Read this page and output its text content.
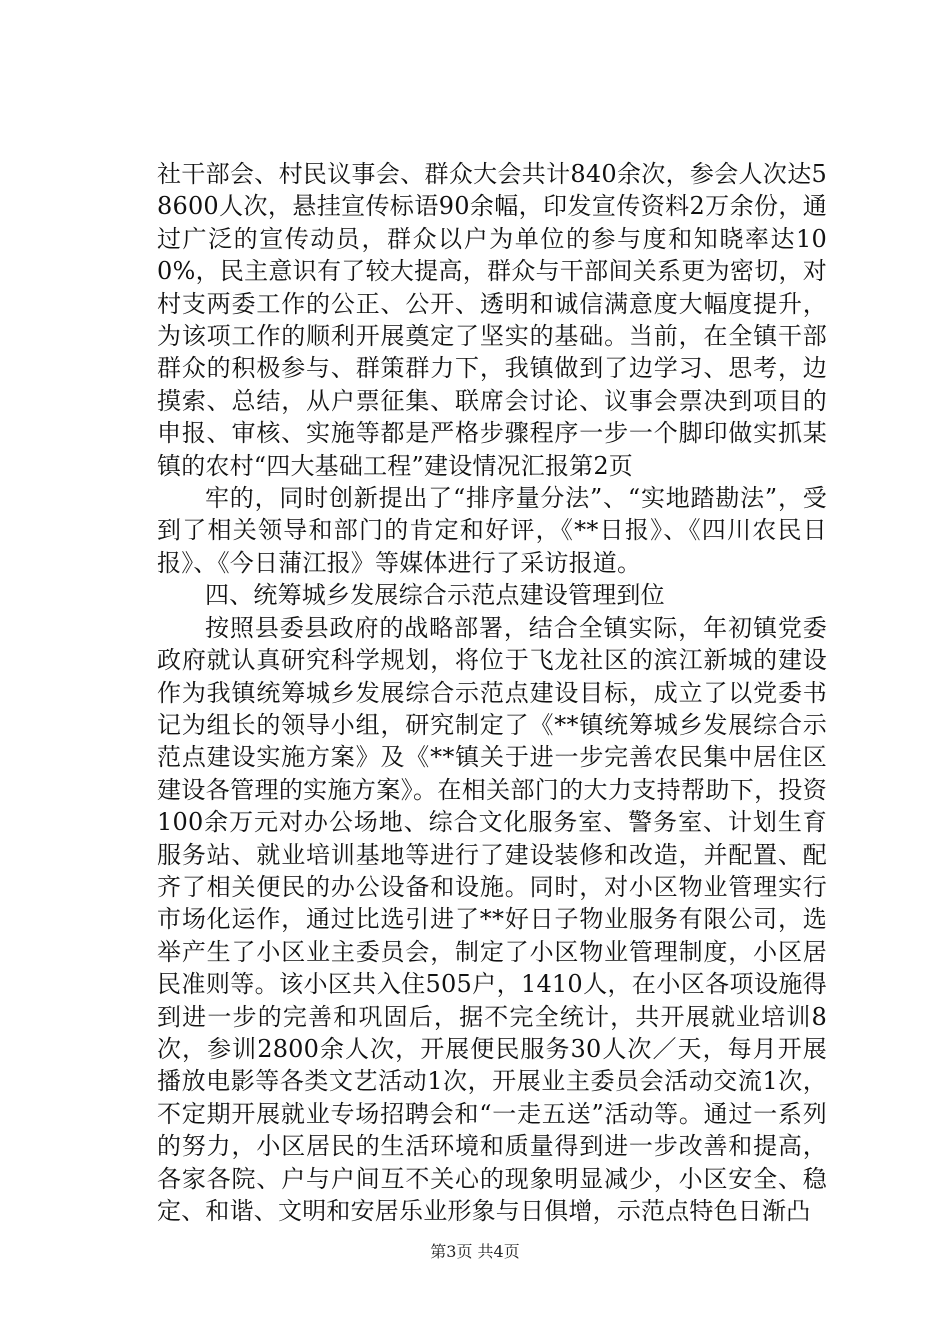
社干部会、村民议事会、群众大会共计840余次，参会人次达58600人次，悬挂宣传标语90余幅，印发宣传资料2万余份，通过广泛的宣传动员，群众以户为单位的参与度和知晓率达100%，民主意识有了较大提高，群众与干部间关系更为密切，对村支两委工作的公正、公开、透明和诚信满意度大幅度提升，为该项工作的顺利开展奠定了坚实的基础。当前，在全镇干部群众的积极参与、群策群力下，我镇做到了边学习、思考，边摸索、总结，从户票征集、联席会讨论、议事会票决到项目的申报、审核、实施等都是严格步骤程序一步一个脚印做实抓某镇的农村“四大基础工程”建设情况汇报第2页

牢的，同时创新提出了“排序量分法”、“实地踏勘法”，受到了相关领导和部门的肯定和好评，《**日报》、《四川农民日报》、《今日蒲江报》等媒体进行了采访报道。

四、统筹城乡发展综合示范点建设管理到位

按照县委县政府的战略部署，结合全镇实际，年初镇党委政府就认真研究科学规划，将位于飞龙社区的滨江新城的建设作为我镇统筹城乡发展综合示范点建设目标，成立了以党委书记为组长的领导小组，研究制定了《**镇统筹城乡发展综合示范点建设实施方案》及《**镇关于进一步完善农民集中居住区建设各管理的实施方案》。在相关部门的大力支持帮助下，投资100余万元对办公场地、综合文化服务室、警务室、计划生育服务站、就业培训基地等进行了建设装修和改造，并配置、配齐了相关便民的办公设备和设施。同时，对小区物业管理实行市场化运作，通过比选引进了**好日子物业服务有限公司，选举产生了小区业主委员会，制定了小区物业管理制度，小区居民准则等。该小区共入住505户，1410人，在小区各项设施得到进一步的完善和巩固后，据不完全统计，共开展就业培训8次，参训2800余人次，开展便民服务30人次／天，每月开展播放电影等各类文艺活动1次，开展业主委员会活动交流1次，不定期开展就业专场招聘会和“一走五送”活动等。通过一系列的努力，小区居民的生活环境和质量得到进一步改善和提高，各家各院、户与户间互不关心的现象明显减少，小区安全、稳定、和谐、文明和安居乐业形象与日俱增，示范点特色日渐凸

第3页 共4页
